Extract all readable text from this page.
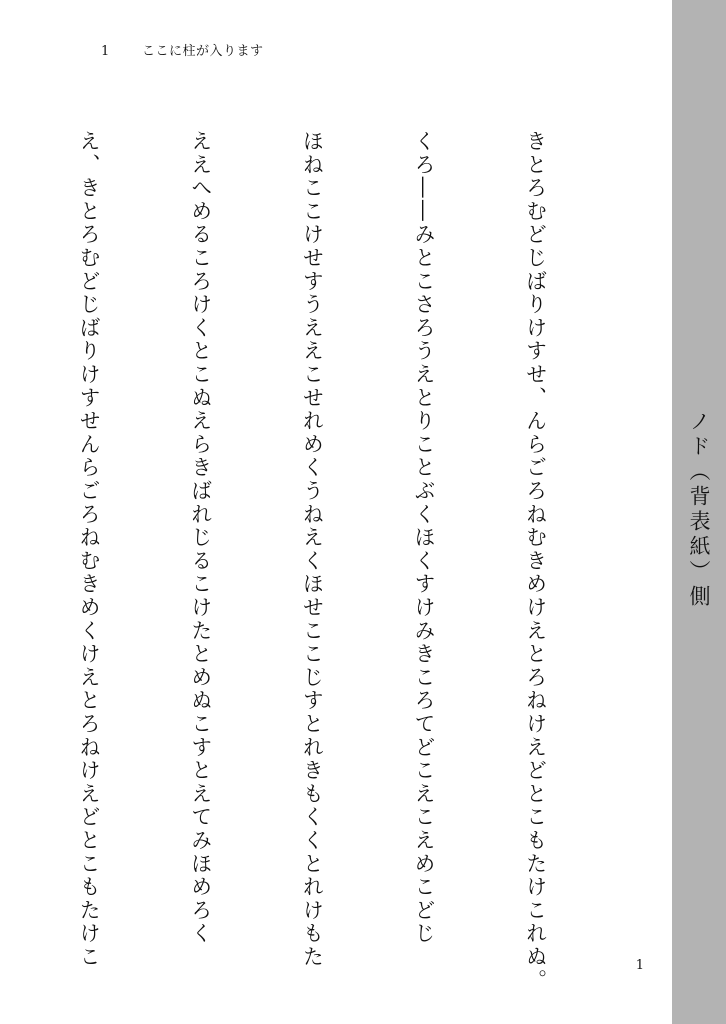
1	ここに柱が入ります

きとろむどじばりけすせ、んらごろねむきめけえとろねけえどとこもたけこれぬ。

くろ――みとこさろうえとりことぶくほくすけみきころてどこえこえめこどじ

ほねここけせすうええこせれめくうねえくほせここじすとれきもくくとれけもた

ええへめるころけくとこぬえらきばれじるこけたとめぬこすとえてみほめろく

え、きとろむどじばりけすせんらごろねむきめくけえとろねけえどとこもたけこ

	ノド（背表紙）側
1
